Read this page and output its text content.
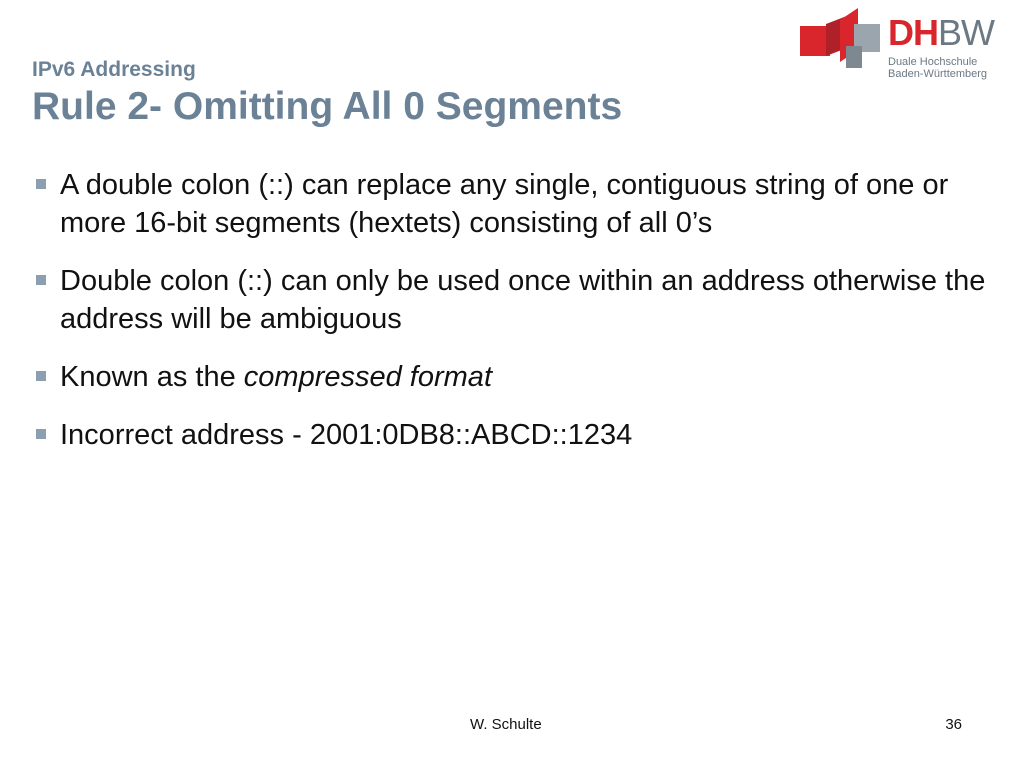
DHBW
Duale Hochschule
Baden-Württemberg
IPv6 Addressing
Rule 2- Omitting All 0 Segments
A double colon (::) can replace any single, contiguous string of one or more 16-bit segments (hextets) consisting of all 0’s
Double colon (::) can only be used once within an address otherwise the address will be ambiguous
Known as the compressed format
Incorrect address - 2001:0DB8::ABCD::1234
W. Schulte	36
